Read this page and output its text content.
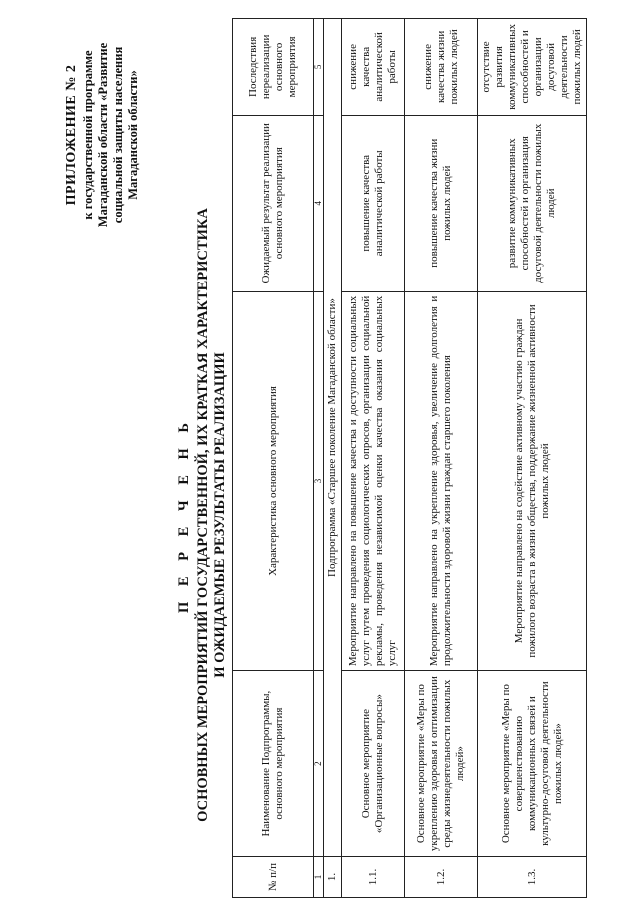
ПРИЛОЖЕНИЕ № 2 к государственной программе Магаданской области «Развитие социальной защиты населения Магаданской области»
П Е Р Е Ч Е Н Ь ОСНОВНЫХ МЕРОПРИЯТИЙ ГОСУДАРСТВЕННОЙ, ИХ КРАТКАЯ ХАРАКТЕРИСТИКА И ОЖИДАЕМЫЕ РЕЗУЛЬТАТЫ РЕАЛИЗАЦИИ
№ п/п	Наименование Подпрограммы, основного мероприятия	Характеристика основного мероприятия	Ожидаемый результат реализации основного мероприятия	Последствия нереализации основного мероприятия
1	2	3	4	5
1.	Подпрограмма «Старшее поколение Магаданской области»			
1.1.	Основное мероприятие «Организационные вопросы»	Мероприятие направлено на повышение качества и доступности социальных услуг путем проведения социологических опросов, организации социальной рекламы, проведения независимой оценки качества оказания социальных услуг	повышение качества аналитической работы	снижение качества аналитической работы
1.2.	Основное мероприятие «Меры по укреплению здоровья и оптимизации среды жизнедеятельности пожилых людей»	Мероприятие направлено на укрепление здоровья, увеличение долголетия и продолжительности здоровой жизни граждан старшего поколения	повышение качества жизни пожилых людей	снижение качества жизни пожилых людей
1.3.	Основное мероприятие «Меры по совершенствованию коммуникационных связей и культурно-досуговой деятельности пожилых людей»	Мероприятие направлено на содействие активному участию граждан пожилого возраста в жизни общества, поддержание жизненной активности пожилых людей	развитие коммуникативных способностей и организация досуговой деятельности пожилых людей	отсутствие развития коммуникативных способностей и организации досуговой деятельности пожилых людей
